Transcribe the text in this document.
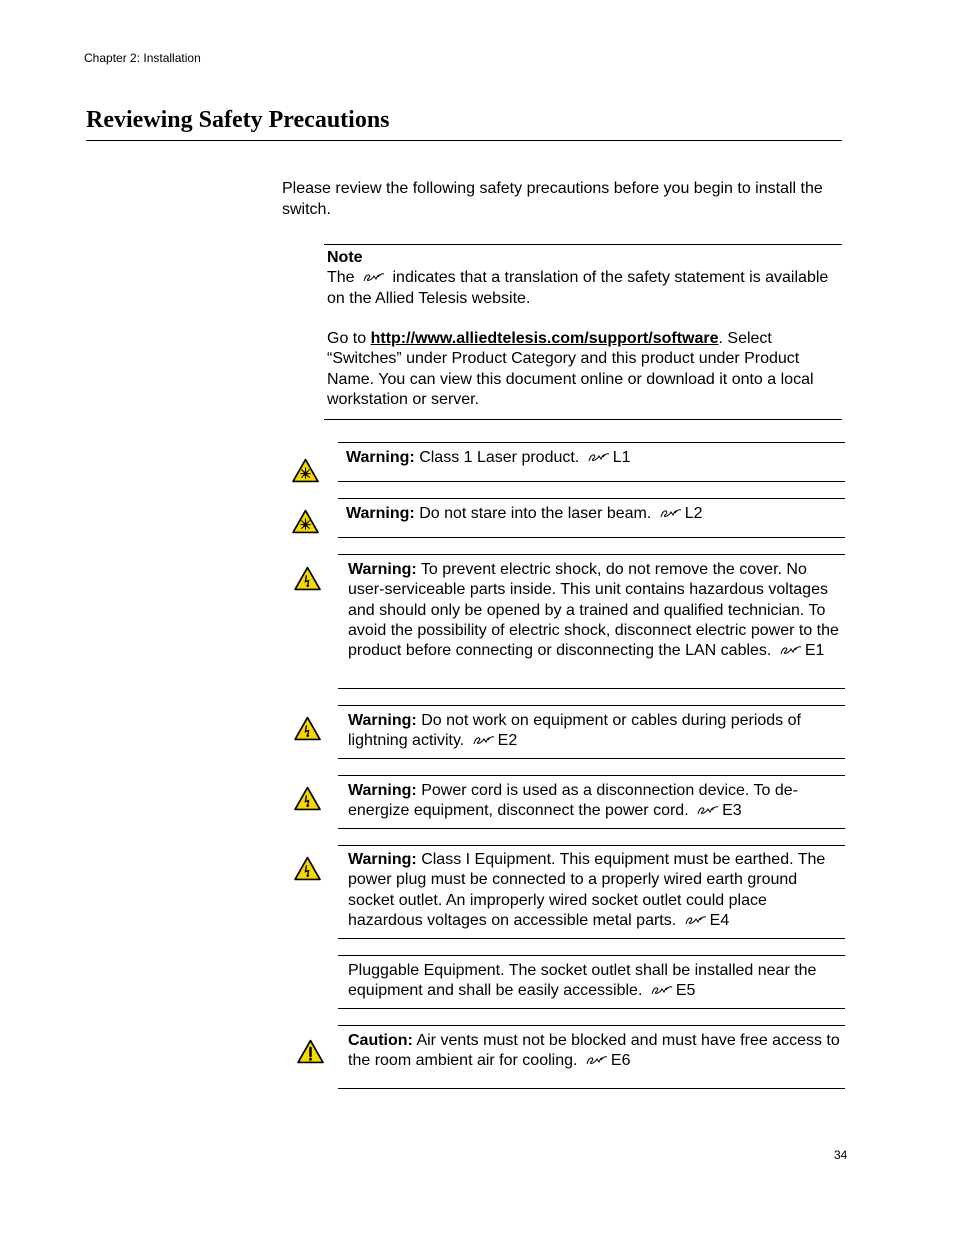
Chapter 2: Installation
Reviewing Safety Precautions
Please review the following safety precautions before you begin to install the switch.
Note

The indicates that a translation of the safety statement is available on the Allied Telesis website.

Go to http://www.alliedtelesis.com/support/software. Select “Switches” under Product Category and this product under Product Name. You can view this document online or download it onto a local workstation or server.

Warning: Class 1 Laser product. L1
Warning: Do not stare into the laser beam. L2
Warning: To prevent electric shock, do not remove the cover. No user-serviceable parts inside. This unit contains hazardous voltages and should only be opened by a trained and qualified technician. To avoid the possibility of electric shock, disconnect electric power to the product before connecting or disconnecting the LAN cables. E1
Warning: Do not work on equipment or cables during periods of lightning activity. E2
Warning: Power cord is used as a disconnection device. To de-energize equipment, disconnect the power cord. E3
Warning: Class I Equipment. This equipment must be earthed. The power plug must be connected to a properly wired earth ground socket outlet. An improperly wired socket outlet could place hazardous voltages on accessible metal parts. E4
Pluggable Equipment. The socket outlet shall be installed near the equipment and shall be easily accessible. E5
Caution: Air vents must not be blocked and must have free access to the room ambient air for cooling. E6
34
